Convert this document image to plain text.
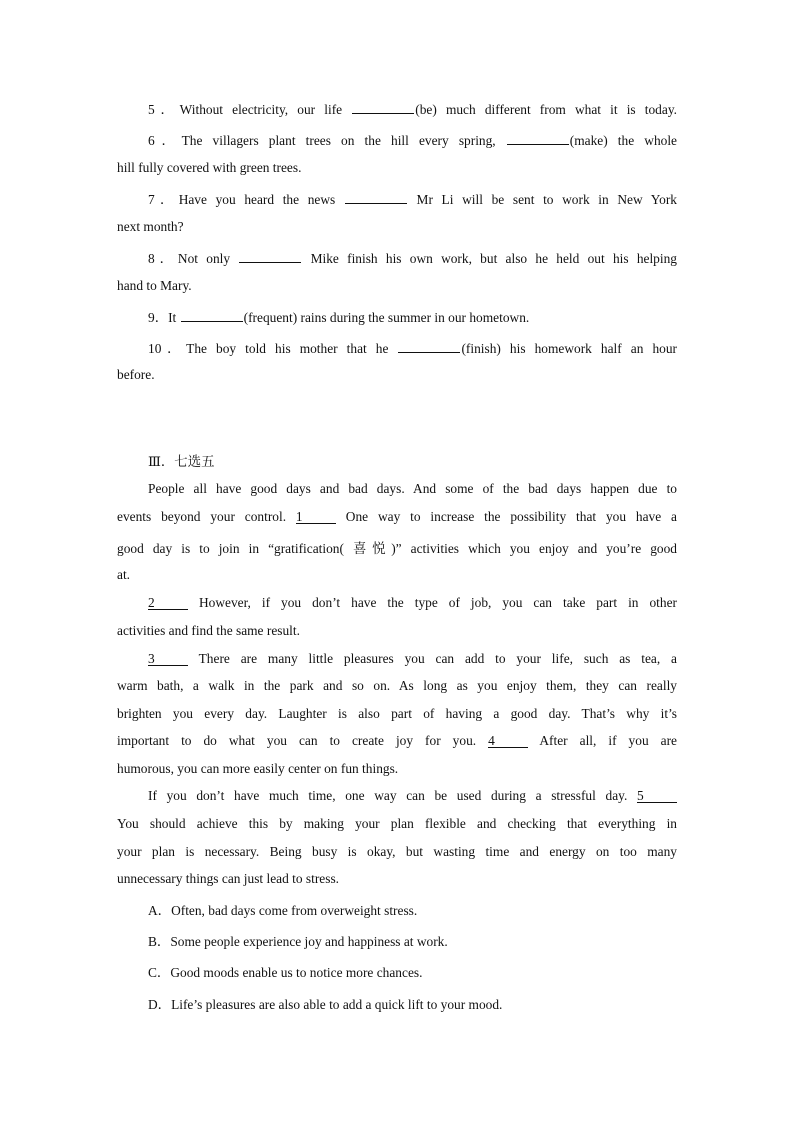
5．Without electricity, our life	(be) much different from what it is today.
6．The villagers plant trees on the hill every spring,	(make) the whole
hill fully covered with green trees.
7．Have you heard the news	Mr Li will be sent to work in New York
next month?
8．Not only	Mike finish his own work, but also he held out his helping
hand to Mary.
9．It	(frequent) rains during the summer in our hometown.
10．The boy told his mother that he	(finish) his homework half an hour
before.
Ⅲ．七选五
People all have good days and bad days. And some of the bad days happen due to
events beyond your control. 1	One way to increase the possibility that you have a
good day is to join in “gratification( 喜悦)” activities which you enjoy and you’re good
at.
2	However, if you don’t have the type of job, you can take part in other
activities and find the same result.
3	There are many little pleasures you can add to your life, such as tea, a
warm bath, a walk in the park and so on. As long as you enjoy them, they can really
brighten you every day. Laughter is also part of having a good day. That’s why it’s
important to do what you can to create joy for you. 4	After all, if you are
humorous, you can more easily center on fun things.
If you don’t have much time, one way can be used during a stressful day. 5
You should achieve this by making your plan flexible and checking that everything in
your plan is necessary. Being busy is okay, but wasting time and energy on too many
unnecessary things can just lead to stress.
A．Often, bad days come from overweight stress.
B．Some people experience joy and happiness at work.
C．Good moods enable us to notice more chances.
D．Life’s pleasures are also able to add a quick lift to your mood.
